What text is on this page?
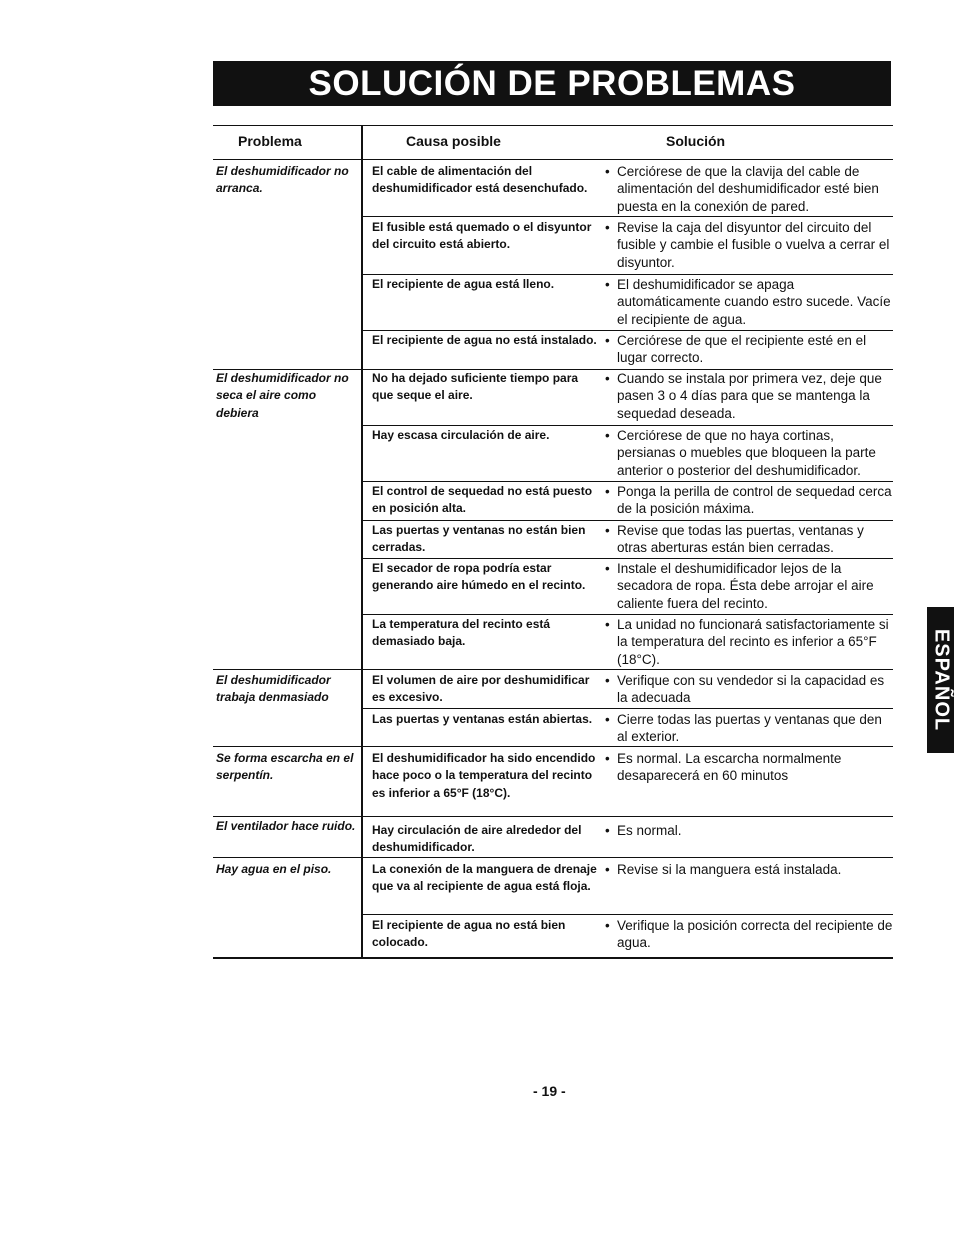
SOLUCIÓN DE PROBLEMAS
Problema	Causa posible	Solución
El deshumidificador no arranca.
El deshumidificador no seca el aire como debiera
El deshumidificador trabaja denmasiado
Se forma escarcha en el serpentín.
El ventilador hace ruido.
Hay agua en el piso.
El cable de alimentación del deshumidificador está desenchufado.
El fusible está quemado o el disyuntor del circuito está abierto.
El recipiente de agua está lleno.
El recipiente de agua no está instalado.
No ha dejado suficiente tiempo para que seque el aire.
Hay escasa circulación de aire.
El control de sequedad no está puesto en posición alta.
Las puertas y ventanas no están bien cerradas.
El secador de ropa podría estar generando aire húmedo en el recinto.
La temperatura del recinto está demasiado baja.
El volumen de aire por deshumidificar es excesivo.
Las puertas y ventanas están abiertas.
El deshumidificador ha sido encendido hace poco o la temperatura del recinto es inferior a 65°F (18°C).
Hay circulación de aire alrededor del deshumidificador.
La conexión de la manguera de drenaje que va al recipiente de agua está floja.
El recipiente de agua no está bien colocado.
• Cerciórese de que la clavija del cable de alimentación del deshumidificador esté bien puesta en la conexión de pared.
• Revise la caja del disyuntor del circuito del fusible y cambie el fusible o vuelva a cerrar el disyuntor.
• El deshumidificador se apaga automáticamente cuando estro sucede. Vacíe el recipiente de agua.
• Cerciórese de que el recipiente esté en el lugar correcto.
• Cuando se instala por primera vez, deje que pasen 3 o 4 días para que se mantenga la sequedad deseada.
• Cerciórese de que no haya cortinas, persianas o muebles que bloqueen la parte anterior o posterior del deshumidificador.
• Ponga la perilla de control de sequedad cerca de la posición máxima.
• Revise que todas las puertas, ventanas y otras aberturas están bien cerradas.
• Instale el deshumidificador lejos de la secadora de ropa. Ésta debe arrojar el aire caliente fuera del recinto.
• La unidad no funcionará satisfactoriamente si la temperatura del recinto es inferior a 65°F (18°C).
• Verifique con su vendedor si la capacidad es la adecuada
• Cierre todas las puertas y ventanas que den al exterior.
• Es normal. La escarcha normalmente desaparecerá en 60 minutos
• Es normal.
• Revise si la manguera está instalada.
• Verifique la posición correcta del recipiente de agua.
ESPAÑOL
- 19 -
